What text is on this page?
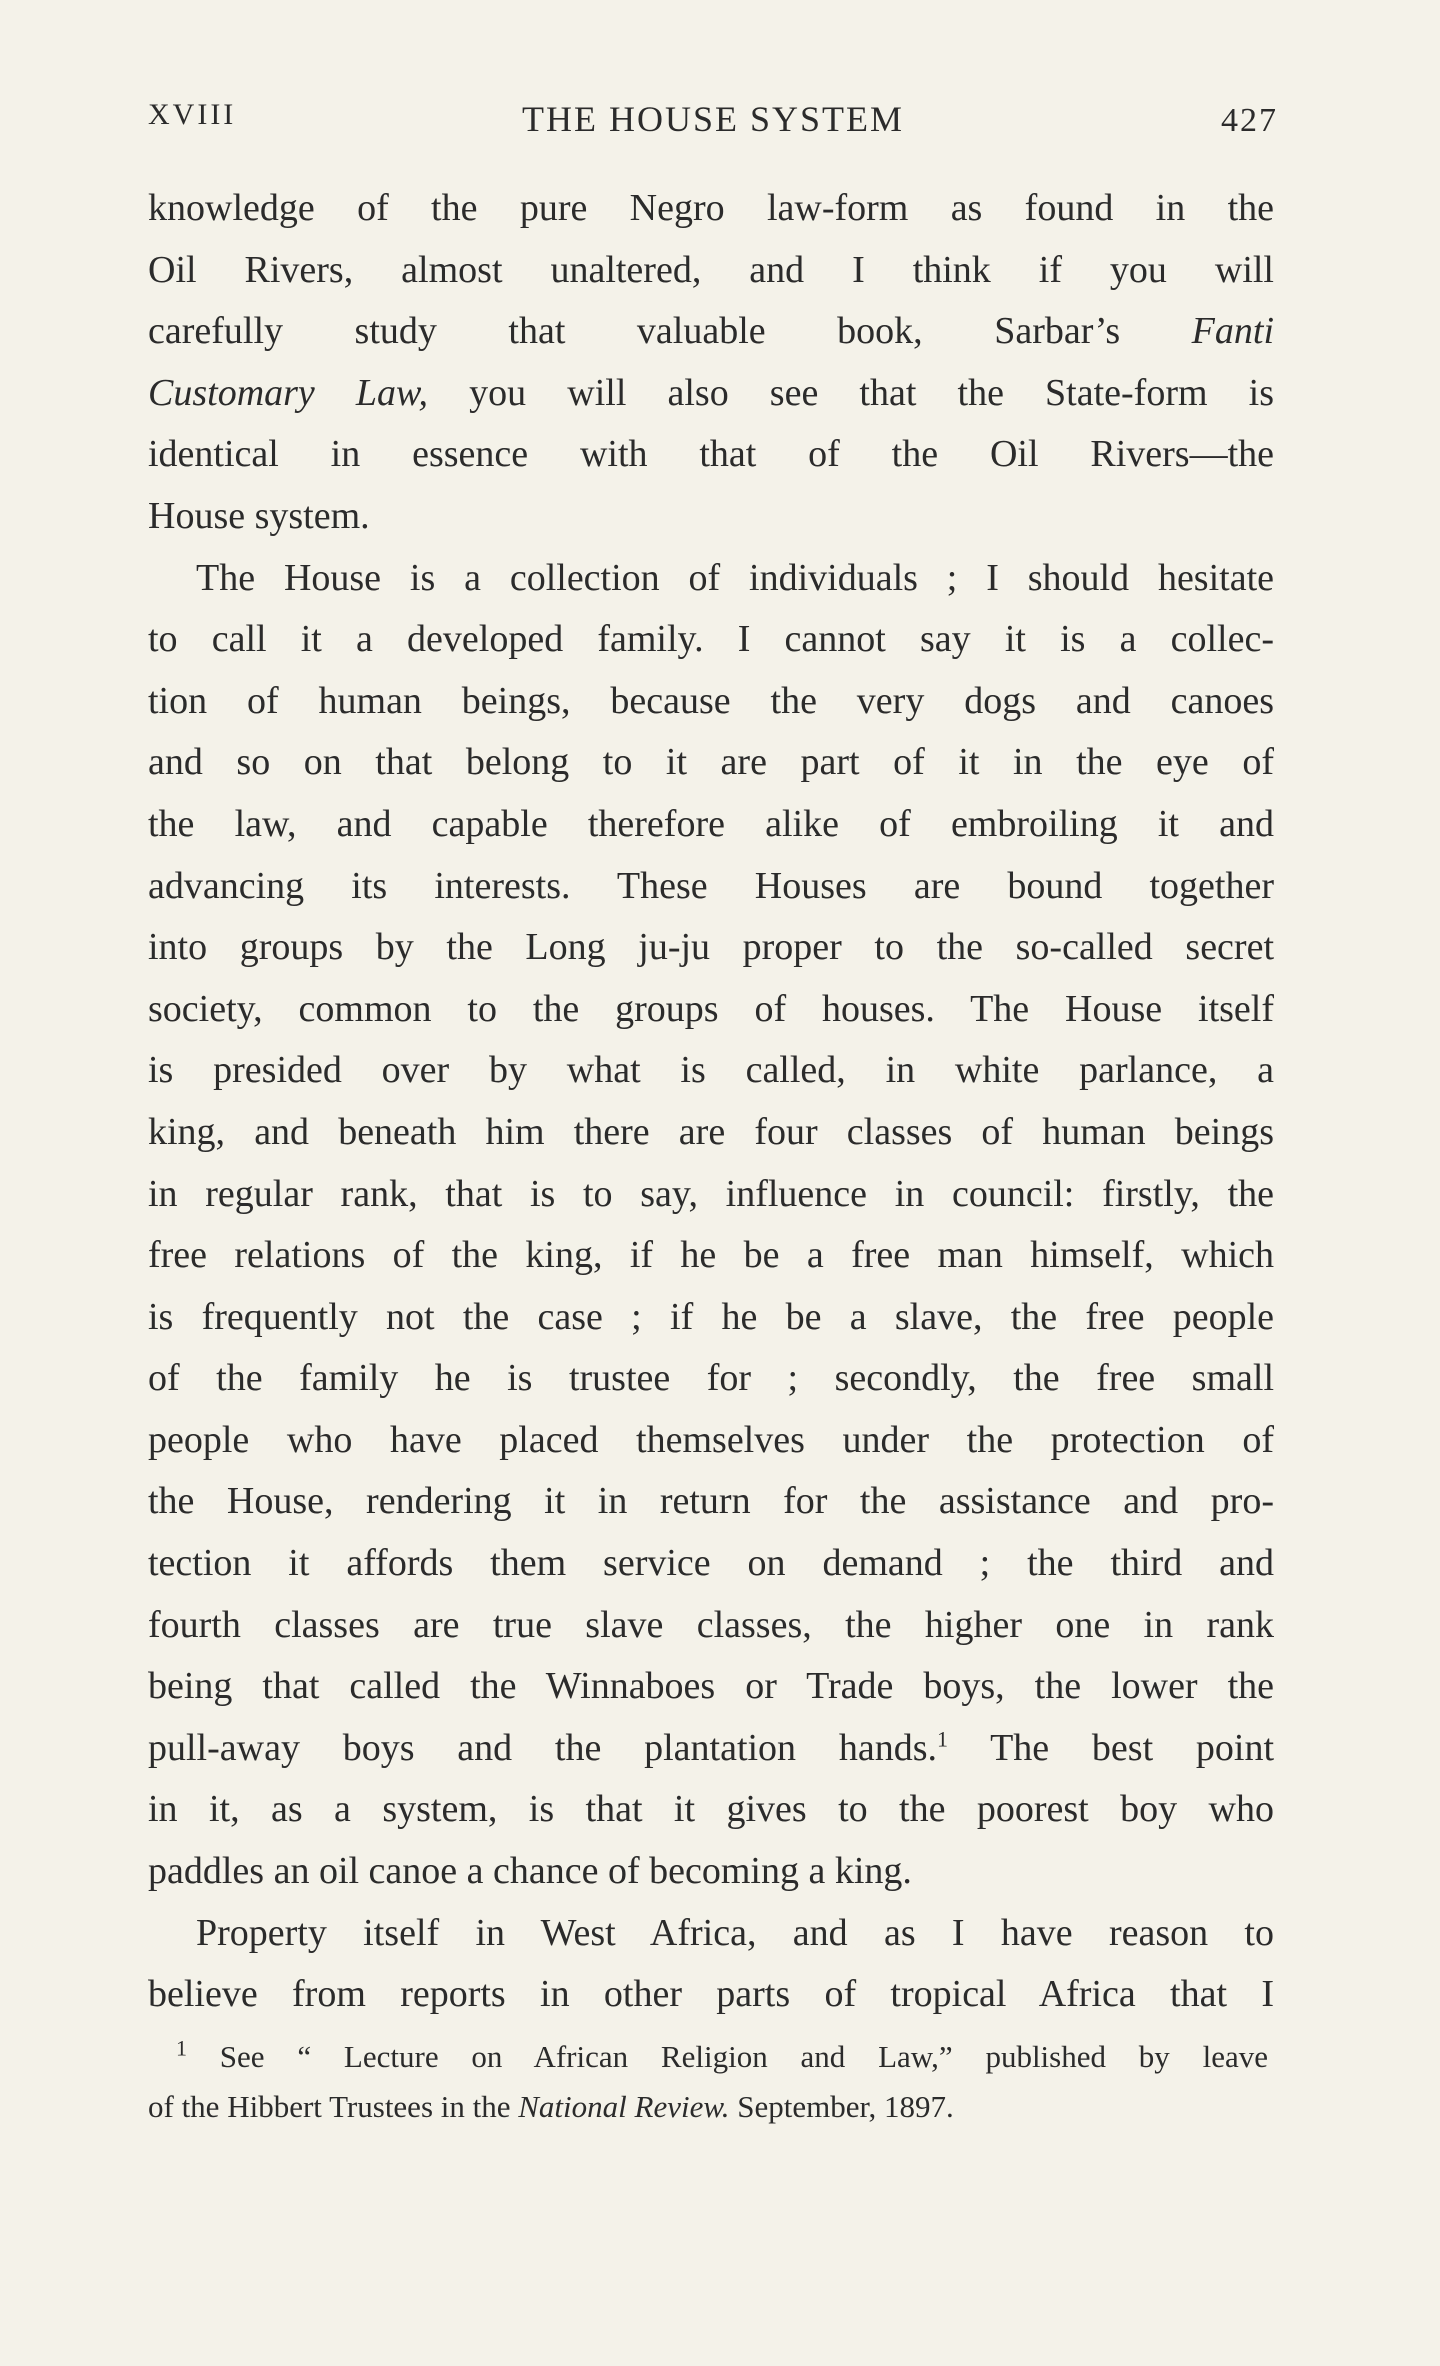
XVIII	THE HOUSE SYSTEM	427
knowledge of the pure Negro law-form as found in the
Oil Rivers, almost unaltered, and I think if you will
carefully study that valuable book, Sarbar’s Fanti
Customary Law, you will also see that the State-form is
identical in essence with that of the Oil Rivers—the
House system.
The House is a collection of individuals ; I should hesitate
to call it a developed family. I cannot say it is a collec-
tion of human beings, because the very dogs and canoes
and so on that belong to it are part of it in the eye of
the law, and capable therefore alike of embroiling it and
advancing its interests. These Houses are bound together
into groups by the Long ju-ju proper to the so-called secret
society, common to the groups of houses. The House itself
is presided over by what is called, in white parlance, a
king, and beneath him there are four classes of human beings
in regular rank, that is to say, influence in council: firstly, the
free relations of the king, if he be a free man himself, which
is frequently not the case ; if he be a slave, the free people
of the family he is trustee for ; secondly, the free small
people who have placed themselves under the protection of
the House, rendering it in return for the assistance and pro-
tection it affords them service on demand ; the third and
fourth classes are true slave classes, the higher one in rank
being that called the Winnaboes or Trade boys, the lower the
pull-away boys and the plantation hands.$^1$ The best point
in it, as a system, is that it gives to the poorest boy who
paddles an oil canoe a chance of becoming a king.
Property itself in West Africa, and as I have reason to
believe from reports in other parts of tropical Africa that I
$^1$ See “ Lecture on African Religion and Law,” published by leave
of the Hibbert Trustees in the National Review. September, 1897.
